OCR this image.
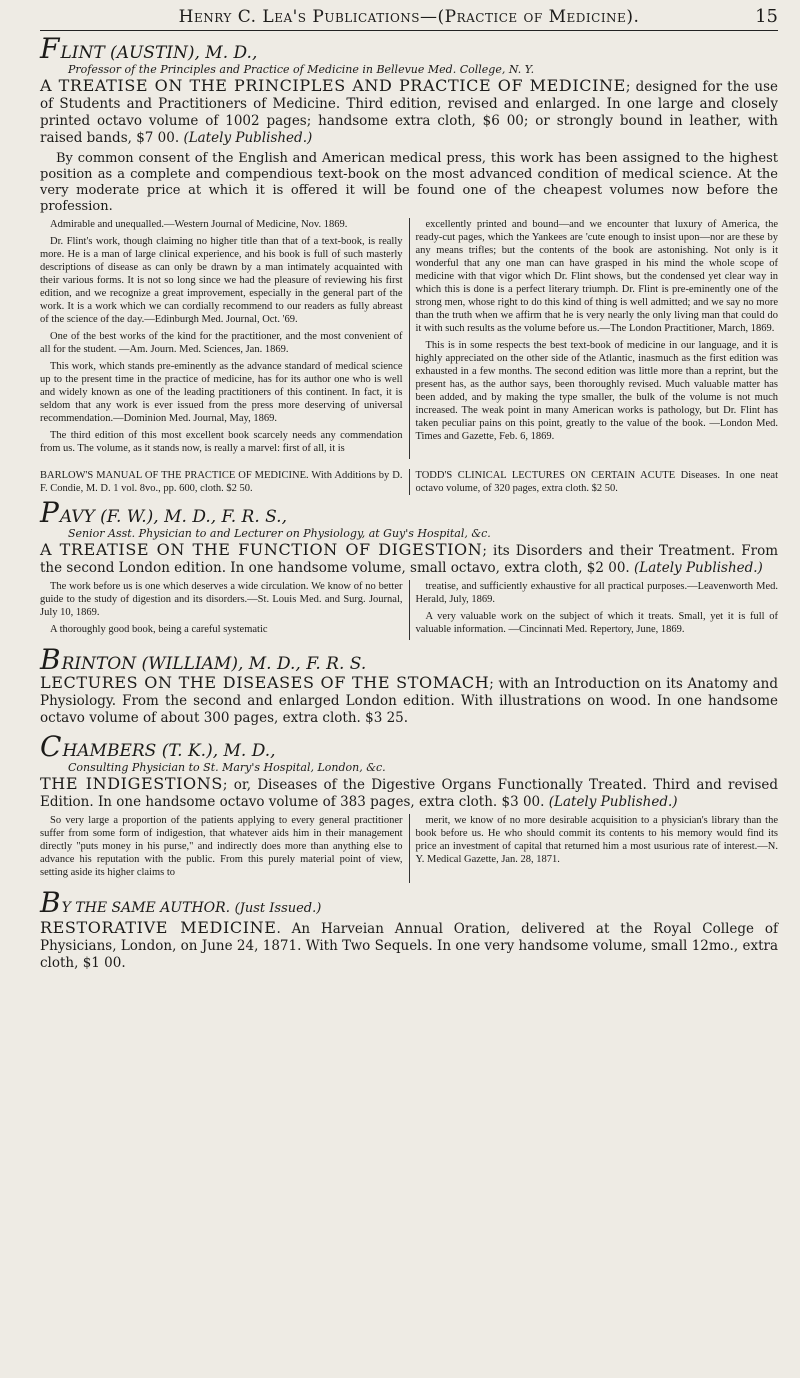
Henry C. Lea's Publications—(Practice of Medicine).	15
FLINT (AUSTIN), M. D.,
Professor of the Principles and Practice of Medicine in Bellevue Med. College, N. Y.

A TREATISE ON THE PRINCIPLES AND PRACTICE OF MEDICINE; designed for the use of Students and Practitioners of Medicine. Third edition, revised and enlarged. In one large and closely printed octavo volume of 1002 pages; handsome extra cloth, $6 00; or strongly bound in leather, with raised bands, $7 00. (Lately Published.)

By common consent of the English and American medical press, this work has been assigned to the highest position as a complete and compendious text-book on the most advanced condition of medical science. At the very moderate price at which it is offered it will be found one of the cheapest volumes now before the profession.

Admirable and unequalled.—Western Journal of Medicine, Nov. 1869.

Dr. Flint's work, though claiming no higher title than that of a text-book, is really more. He is a man of large clinical experience, and his book is full of such masterly descriptions of disease as can only be drawn by a man intimately acquainted with their various forms. It is not so long since we had the pleasure of reviewing his first edition, and we recognize a great improvement, especially in the general part of the work. It is a work which we can cordially recommend to our readers as fully abreast of the science of the day.—Edinburgh Med. Journal, Oct. '69.

One of the best works of the kind for the practitioner, and the most convenient of all for the student. —Am. Journ. Med. Sciences, Jan. 1869.

This work, which stands pre-eminently as the advance standard of medical science up to the present time in the practice of medicine, has for its author one who is well and widely known as one of the leading practitioners of this continent. In fact, it is seldom that any work is ever issued from the press more deserving of universal recommendation.—Dominion Med. Journal, May, 1869.

The third edition of this most excellent book scarcely needs any commendation from us. The volume, as it stands now, is really a marvel: first of all, it is

excellently printed and bound—and we encounter that luxury of America, the ready-cut pages, which the Yankees are 'cute enough to insist upon—nor are these by any means trifles; but the contents of the book are astonishing. Not only is it wonderful that any one man can have grasped in his mind the whole scope of medicine with that vigor which Dr. Flint shows, but the condensed yet clear way in which this is done is a perfect literary triumph. Dr. Flint is pre-eminently one of the strong men, whose right to do this kind of thing is well admitted; and we say no more than the truth when we affirm that he is very nearly the only living man that could do it with such results as the volume before us.—The London Practitioner, March, 1869.

This is in some respects the best text-book of medicine in our language, and it is highly appreciated on the other side of the Atlantic, inasmuch as the first edition was exhausted in a few months. The second edition was little more than a reprint, but the present has, as the author says, been thoroughly revised. Much valuable matter has been added, and by making the type smaller, the bulk of the volume is not much increased. The weak point in many American works is pathology, but Dr. Flint has taken peculiar pains on this point, greatly to the value of the book. —London Med. Times and Gazette, Feb. 6, 1869.

BARLOW'S MANUAL OF THE PRACTICE OF MEDICINE. With Additions by D. F. Condie, M. D. 1 vol. 8vo., pp. 600, cloth. $2 50.
TODD'S CLINICAL LECTURES ON CERTAIN ACUTE Diseases. In one neat octavo volume, of 320 pages, extra cloth. $2 50.
PAVY (F. W.), M. D., F. R. S.,
Senior Asst. Physician to and Lecturer on Physiology, at Guy's Hospital, &c.

A TREATISE ON THE FUNCTION OF DIGESTION; its Disorders and their Treatment. From the second London edition. In one handsome volume, small octavo, extra cloth, $2 00. (Lately Published.)

The work before us is one which deserves a wide circulation. We know of no better guide to the study of digestion and its disorders.—St. Louis Med. and Surg. Journal, July 10, 1869.

A thoroughly good book, being a careful systematic

treatise, and sufficiently exhaustive for all practical purposes.—Leavenworth Med. Herald, July, 1869.

A very valuable work on the subject of which it treats. Small, yet it is full of valuable information. —Cincinnati Med. Repertory, June, 1869.

BRINTON (WILLIAM), M. D., F. R. S.

LECTURES ON THE DISEASES OF THE STOMACH; with an Introduction on its Anatomy and Physiology. From the second and enlarged London edition. With illustrations on wood. In one handsome octavo volume of about 300 pages, extra cloth. $3 25.

CHAMBERS (T. K.), M. D.,
Consulting Physician to St. Mary's Hospital, London, &c.

THE INDIGESTIONS; or, Diseases of the Digestive Organs Functionally Treated. Third and revised Edition. In one handsome octavo volume of 383 pages, extra cloth. $3 00. (Lately Published.)

So very large a proportion of the patients applying to every general practitioner suffer from some form of indigestion, that whatever aids him in their management directly "puts money in his purse," and indirectly does more than anything else to advance his reputation with the public. From this purely material point of view, setting aside its higher claims to

merit, we know of no more desirable acquisition to a physician's library than the book before us. He who should commit its contents to his memory would find its price an investment of capital that returned him a most usurious rate of interest.—N. Y. Medical Gazette, Jan. 28, 1871.

BY THE SAME AUTHOR. (Just Issued.)

RESTORATIVE MEDICINE. An Harveian Annual Oration, delivered at the Royal College of Physicians, London, on June 24, 1871. With Two Sequels. In one very handsome volume, small 12mo., extra cloth, $1 00.
